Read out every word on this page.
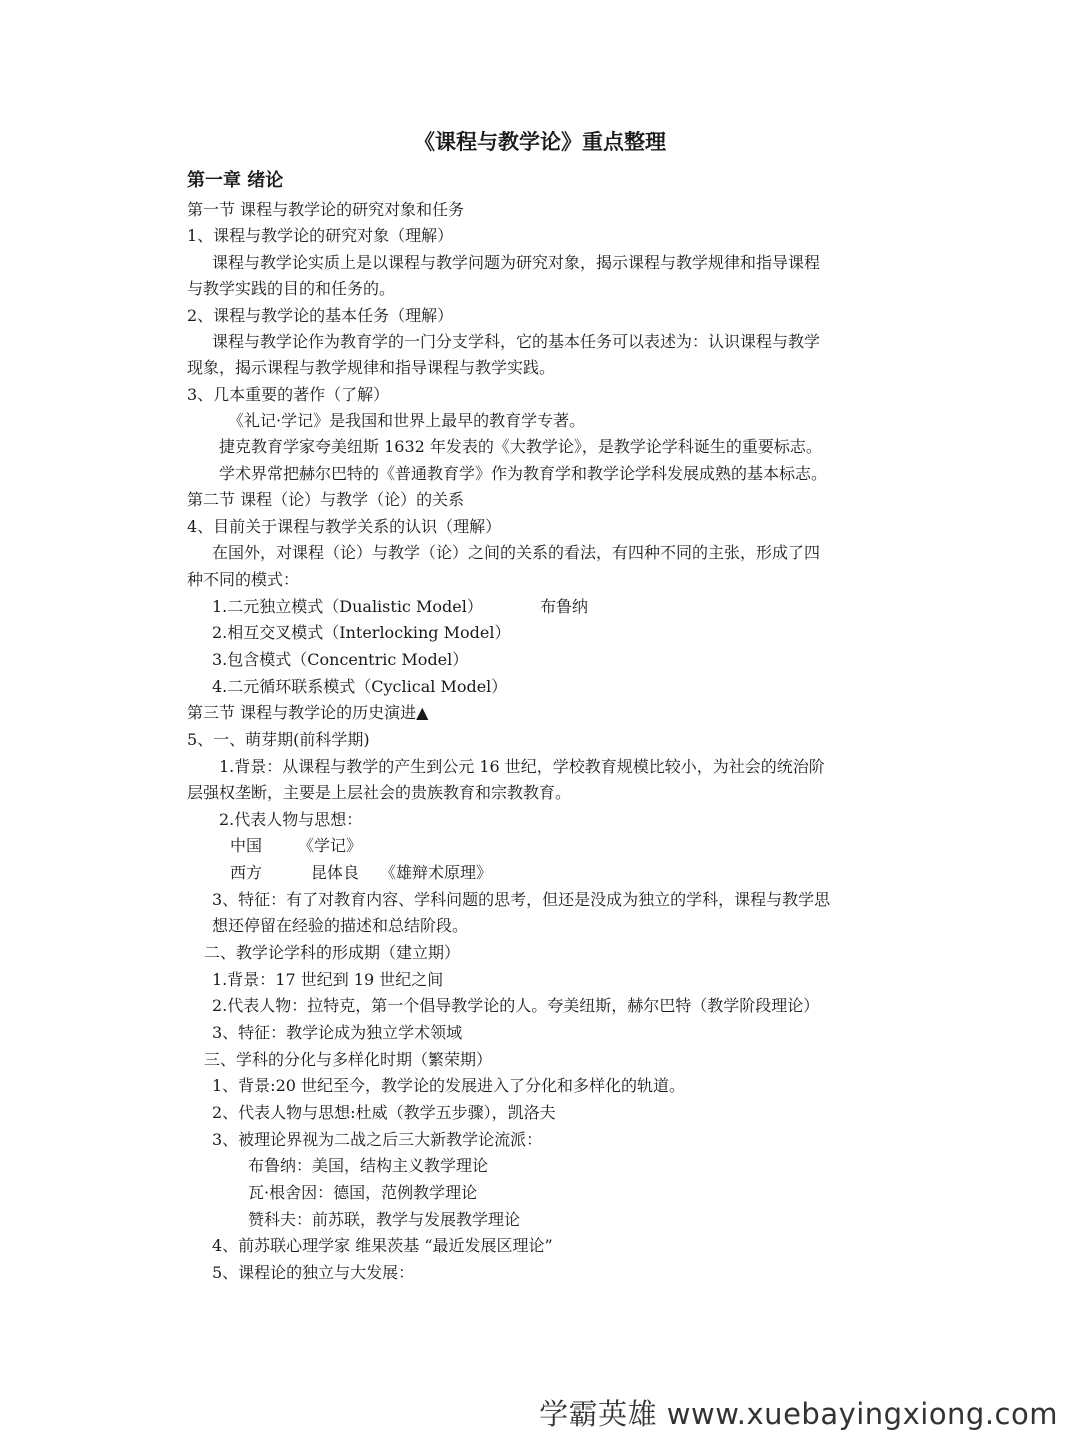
《课程与教学论》重点整理
第一章 绪论
第一节 课程与教学论的研究对象和任务
1、课程与教学论的研究对象（理解）
课程与教学论实质上是以课程与教学问题为研究对象，揭示课程与教学规律和指导课程
与教学实践的目的和任务的。
2、课程与教学论的基本任务（理解）
课程与教学论作为教育学的一门分支学科，它的基本任务可以表述为：认识课程与教学
现象，揭示课程与教学规律和指导课程与教学实践。
3、几本重要的著作（了解）
《礼记·学记》是我国和世界上最早的教育学专著。
捷克教育学家夸美纽斯 1632 年发表的《大教学论》，是教学论学科诞生的重要标志。
学术界常把赫尔巴特的《普通教育学》作为教育学和教学论学科发展成熟的基本标志。
第二节 课程（论）与教学（论）的关系
4、目前关于课程与教学关系的认识（理解）
在国外，对课程（论）与教学（论）之间的关系的看法，有四种不同的主张，形成了四
种不同的模式：
1.二元独立模式（Dualistic Model）	布鲁纳
2.相互交叉模式（Interlocking Model）
3.包含模式（Concentric Model）
4.二元循环联系模式（Cyclical Model）
第三节 课程与教学论的历史演进▲
5、一、萌芽期(前科学期)
1.背景：从课程与教学的产生到公元 16 世纪，学校教育规模比较小，为社会的统治阶
层强权垄断，主要是上层社会的贵族教育和宗教教育。
2.代表人物与思想：
中国 《学记》
西方	昆体良 《雄辩术原理》
3、特征：有了对教育内容、学科问题的思考，但还是没成为独立的学科，课程与教学思
想还停留在经验的描述和总结阶段。
二、教学论学科的形成期（建立期）
1.背景：17 世纪到 19 世纪之间
2.代表人物：拉特克，第一个倡导教学论的人。夸美纽斯，赫尔巴特（教学阶段理论）
3、特征：教学论成为独立学术领域
三、学科的分化与多样化时期（繁荣期）
1、背景:20 世纪至今，教学论的发展进入了分化和多样化的轨道。
2、代表人物与思想:杜威（教学五步骤），凯洛夫
3、被理论界视为二战之后三大新教学论流派：
布鲁纳：美国，结构主义教学理论
瓦·根舍因：德国，范例教学理论
赞科夫：前苏联，教学与发展教学理论
4、前苏联心理学家 维果茨基 “最近发展区理论”
5、课程论的独立与大发展：
学霸英雄 www.xuebayingxiong.com
